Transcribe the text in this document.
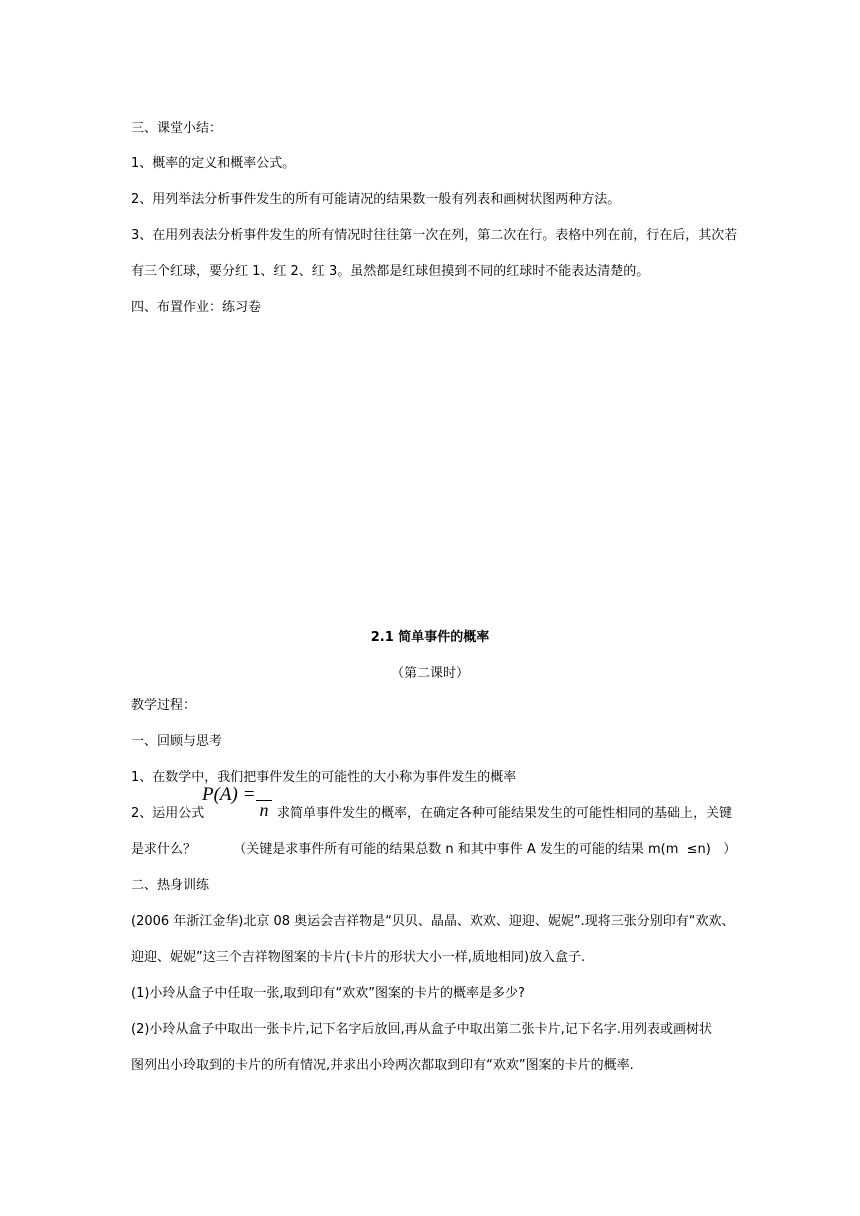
三、课堂小结：
1、概率的定义和概率公式。
2、用列举法分析事件发生的所有可能请况的结果数一般有列表和画树状图两种方法。
3、在用列表法分析事件发生的所有情况时往往第一次在列，第二次在行。表格中列在前，行在后，其次若
有三个红球，要分红 1、红 2、红 3。虽然都是红球但摸到不同的红球时不能表达清楚的。
四、布置作业：练习卷
2.1 简单事件的概率
（第二课时）
教学过程：
一、回顾与思考
1、在数学中，我们把事件发生的可能性的大小称为事件发生的概率
2、运用公式
P(A) =
n 求简单事件发生的概率，在确定各种可能结果发生的可能性相同的基础上，关键
是求什么？         （关键是求事件所有可能的结果总数 n 和其中事件 A 发生的可能的结果 m(m  ≤n)   ）
二、热身训练
(2006 年浙江金华)北京 08 奥运会吉祥物是“贝贝、晶晶、欢欢、迎迎、妮妮”.现将三张分别印有“欢欢、
迎迎、妮妮”这三个吉祥物图案的卡片(卡片的形状大小一样,质地相同)放入盒子.
(1)小玲从盒子中任取一张,取到印有“欢欢”图案的卡片的概率是多少?
(2)小玲从盒子中取出一张卡片,记下名字后放回,再从盒子中取出第二张卡片,记下名字.用列表或画树状
图列出小玲取到的卡片的所有情况,并求出小玲两次都取到印有“欢欢”图案的卡片的概率.
